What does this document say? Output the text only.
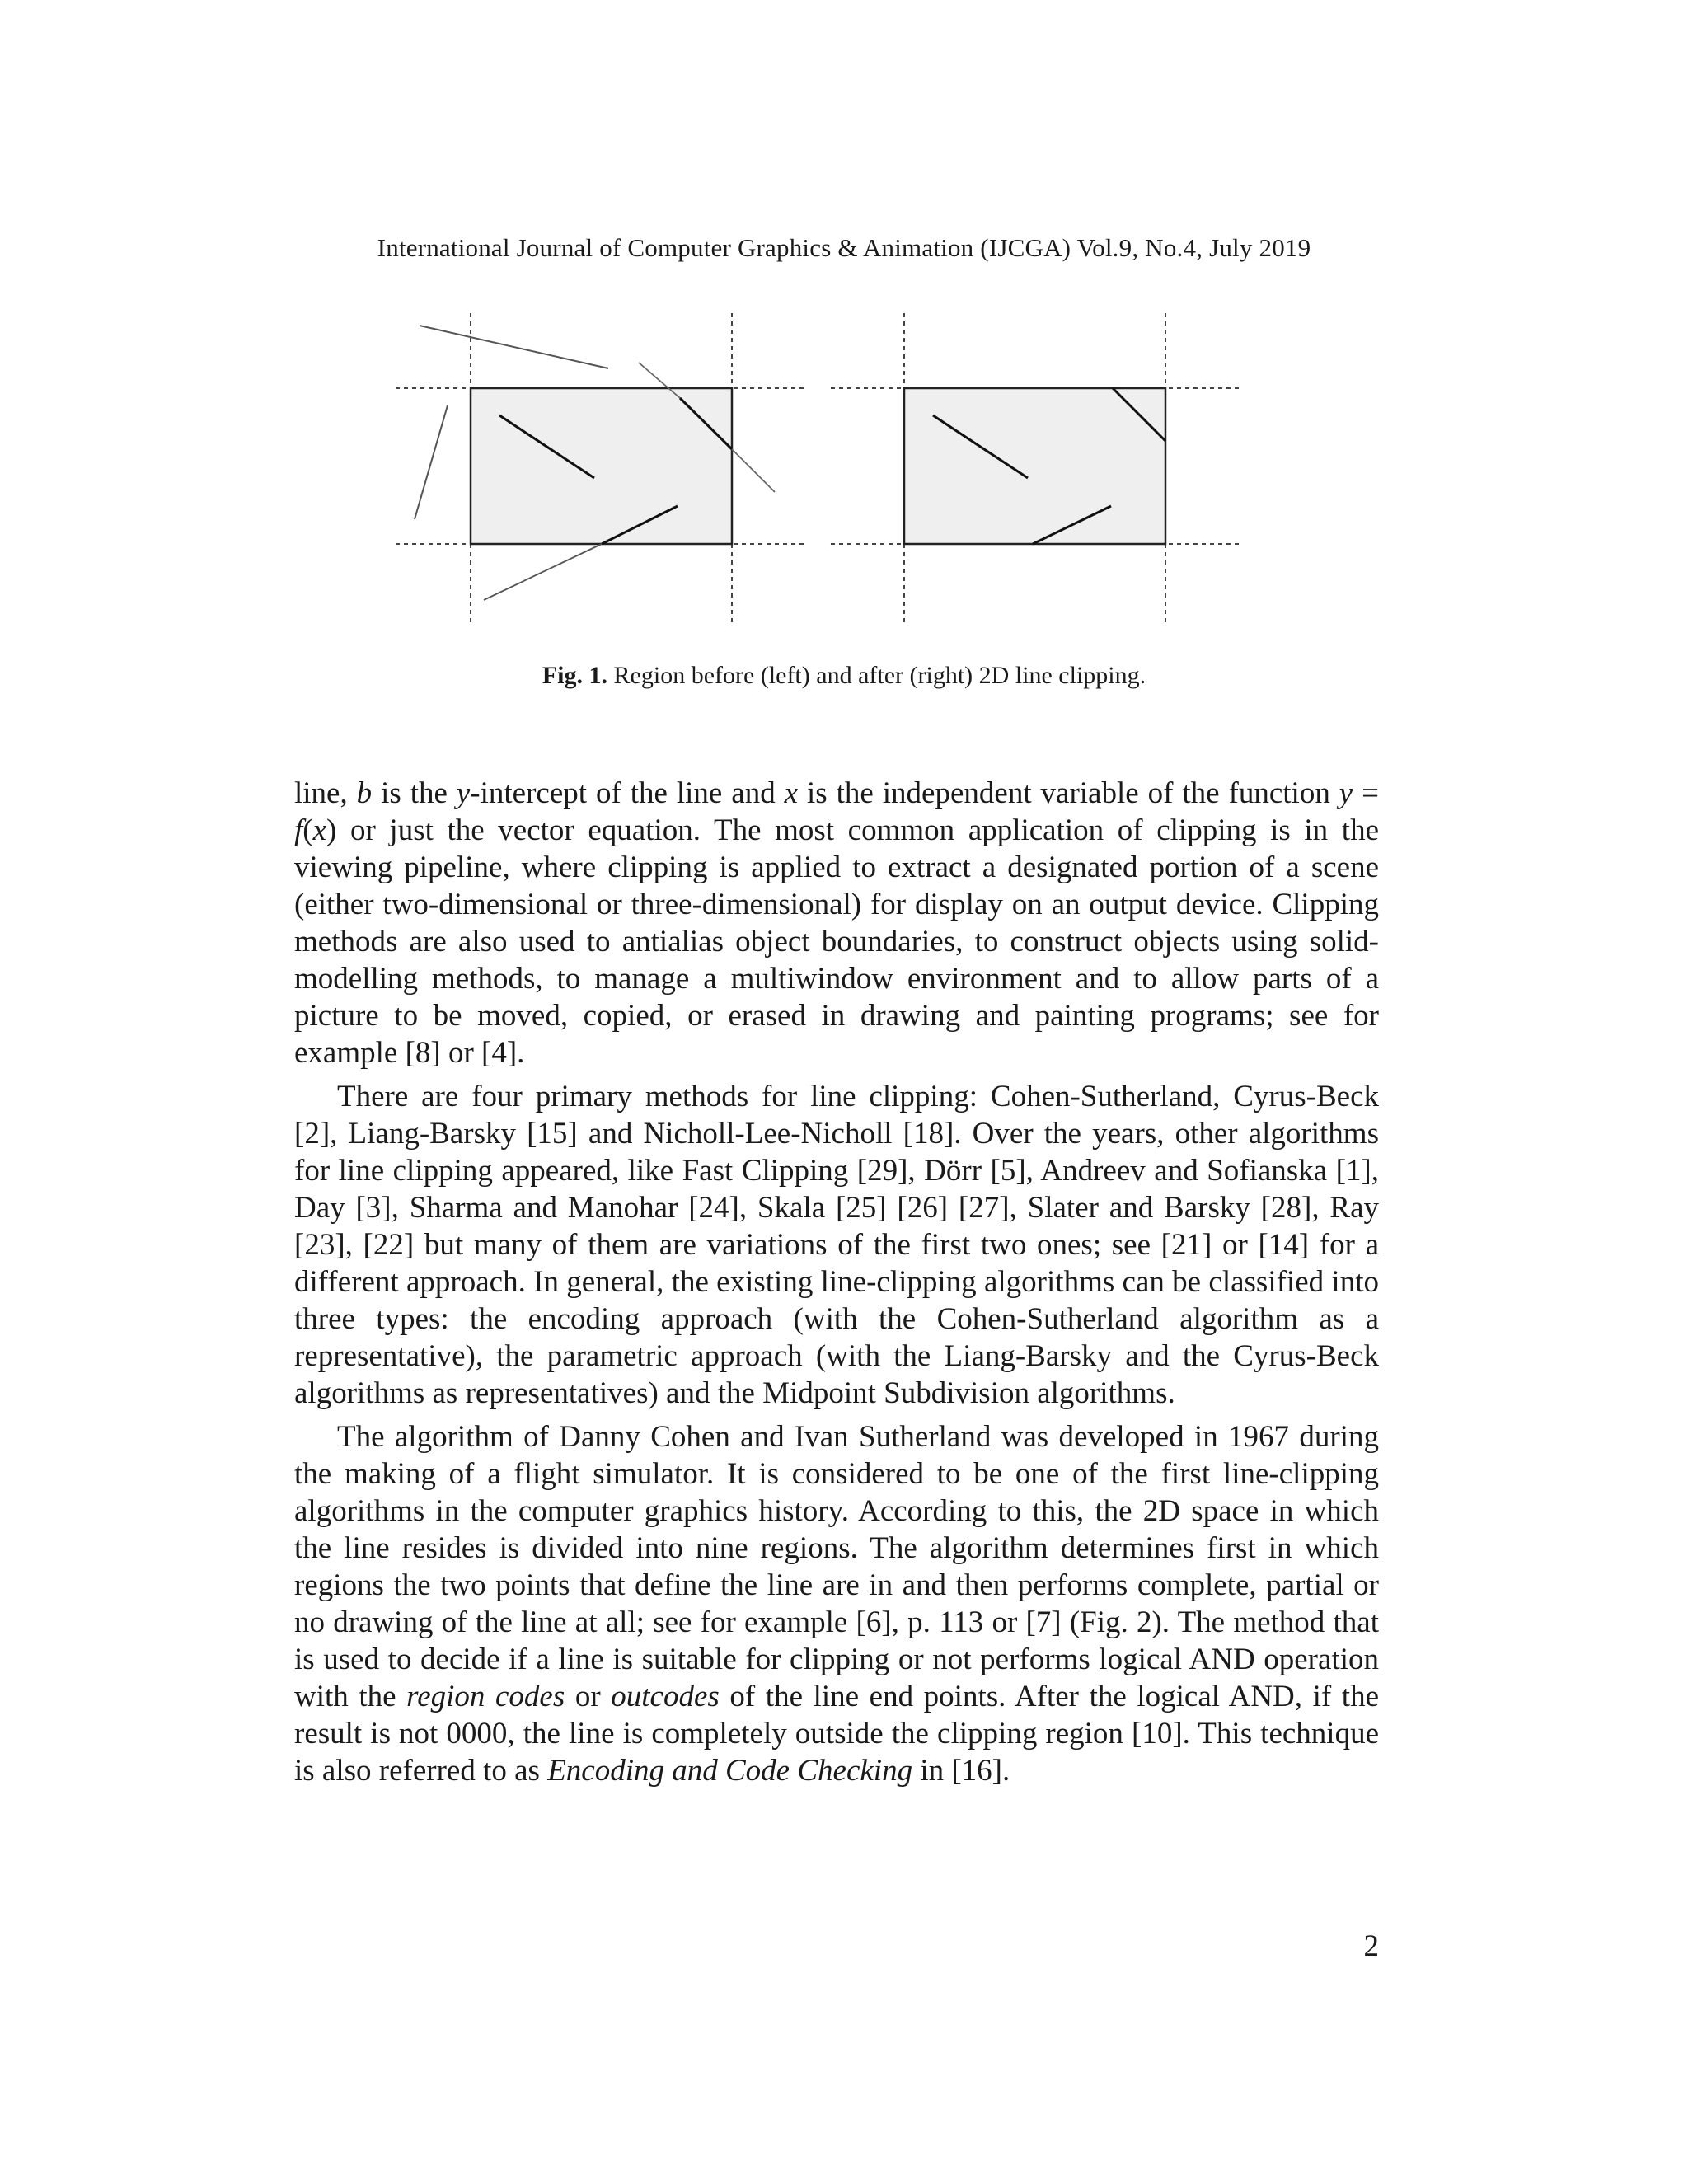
International Journal of Computer Graphics & Animation (IJCGA) Vol.9, No.4, July 2019
Fig. 1. Region before (left) and after (right) 2D line clipping.

line, b is the y-intercept of the line and x is the independent variable of the function y = f(x) or just the vector equation. The most common application of clipping is in the viewing pipeline, where clipping is applied to extract a designated portion of a scene (either two-dimensional or three-dimensional) for display on an output device. Clipping methods are also used to antialias object boundaries, to construct objects using solid-modelling methods, to manage a multiwindow environment and to allow parts of a picture to be moved, copied, or erased in drawing and painting programs; see for example [8] or [4].

There are four primary methods for line clipping: Cohen-Sutherland, Cyrus-Beck [2], Liang-Barsky [15] and Nicholl-Lee-Nicholl [18]. Over the years, other algorithms for line clipping appeared, like Fast Clipping [29], Dörr [5], Andreev and Sofianska [1], Day [3], Sharma and Manohar [24], Skala [25] [26] [27], Slater and Barsky [28], Ray [23], [22] but many of them are variations of the first two ones; see [21] or [14] for a different approach. In general, the existing line-clipping algorithms can be classified into three types: the encoding approach (with the Cohen-Sutherland algorithm as a representative), the parametric approach (with the Liang-Barsky and the Cyrus-Beck algorithms as representatives) and the Midpoint Subdivision algorithms.

The algorithm of Danny Cohen and Ivan Sutherland was developed in 1967 during the making of a flight simulator. It is considered to be one of the first line-clipping algorithms in the computer graphics history. According to this, the 2D space in which the line resides is divided into nine regions. The algorithm determines first in which regions the two points that define the line are in and then performs complete, partial or no drawing of the line at all; see for example [6], p. 113 or [7] (Fig. 2). The method that is used to decide if a line is suitable for clipping or not performs logical AND operation with the region codes or outcodes of the line end points. After the logical AND, if the result is not 0000, the line is completely outside the clipping region [10]. This technique is also referred to as Encoding and Code Checking in [16].

2
